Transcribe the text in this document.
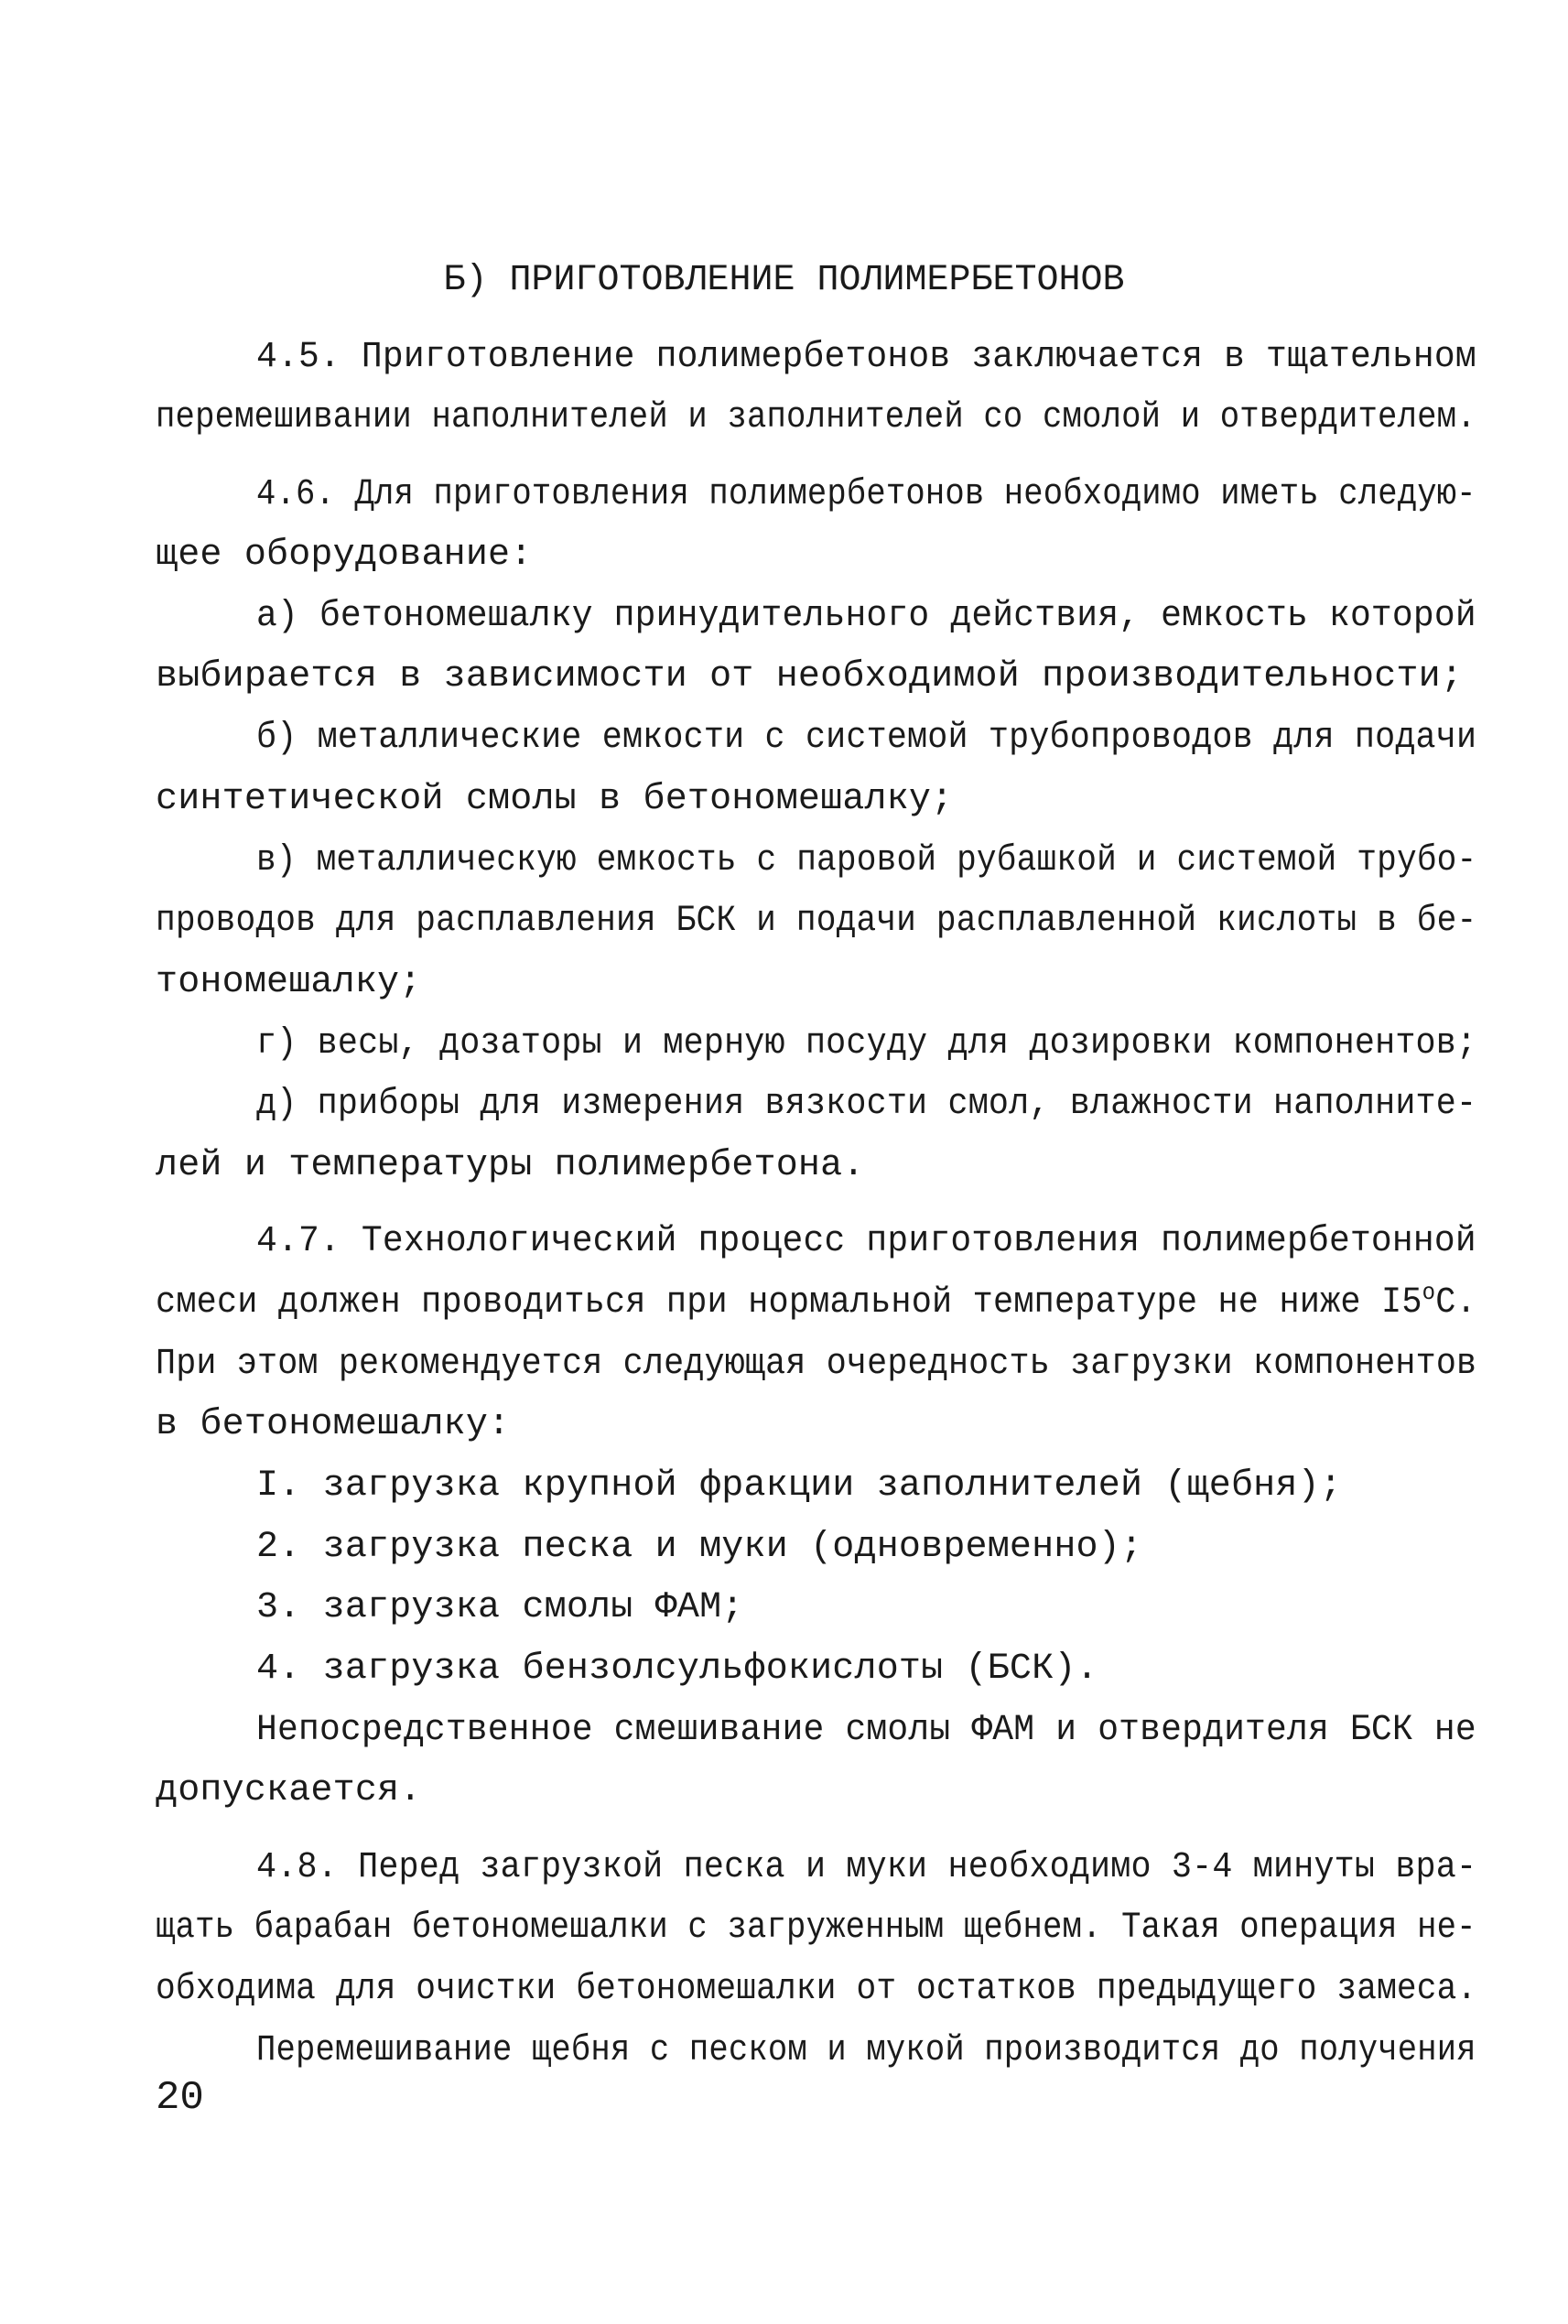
Б) ПРИГОТОВЛЕНИЕ ПОЛИМЕРБЕТОНОВ
4.5. Приготовление полимербетонов заключается в тщательном
перемешивании наполнителей и заполнителей со смолой и отвердителем.
4.6. Для приготовления полимербетонов необходимо иметь следую-
щее оборудование:
а) бетономешалку принудительного действия, емкость которой
выбирается в зависимости от необходимой производительности;
б) металлические емкости с системой трубопроводов для подачи
синтетической смолы в бетономешалку;
в) металлическую емкость с паровой рубашкой и системой трубо-
проводов для расплавления БСК и подачи расплавленной кислоты в бе-
тономешалку;
г) весы, дозаторы и мерную посуду для дозировки компонентов;
д) приборы для измерения вязкости смол, влажности наполните-
лей и температуры полимербетона.
4.7. Технологический процесс приготовления полимербетонной
смеси должен проводиться при нормальной температуре не ниже $I5^оС$.
При этом рекомендуется следующая очередность загрузки компонентов
в бетономешалку:
I. загрузка крупной фракции заполнителей (щебня);
2. загрузка песка и муки (одновременно);
3. загрузка смолы ФАМ;
4. загрузка бензолсульфокислоты (БСК).
Непосредственное смешивание смолы ФАМ и отвердителя БСК не
допускается.
4.8. Перед загрузкой песка и муки необходимо 3-4 минуты вра-
щать барабан бетономешалки с загруженным щебнем. Такая операция не-
обходима для очистки бетономешалки от остатков предыдущего замеса.
Перемешивание щебня с песком и мукой производится до получения
20
